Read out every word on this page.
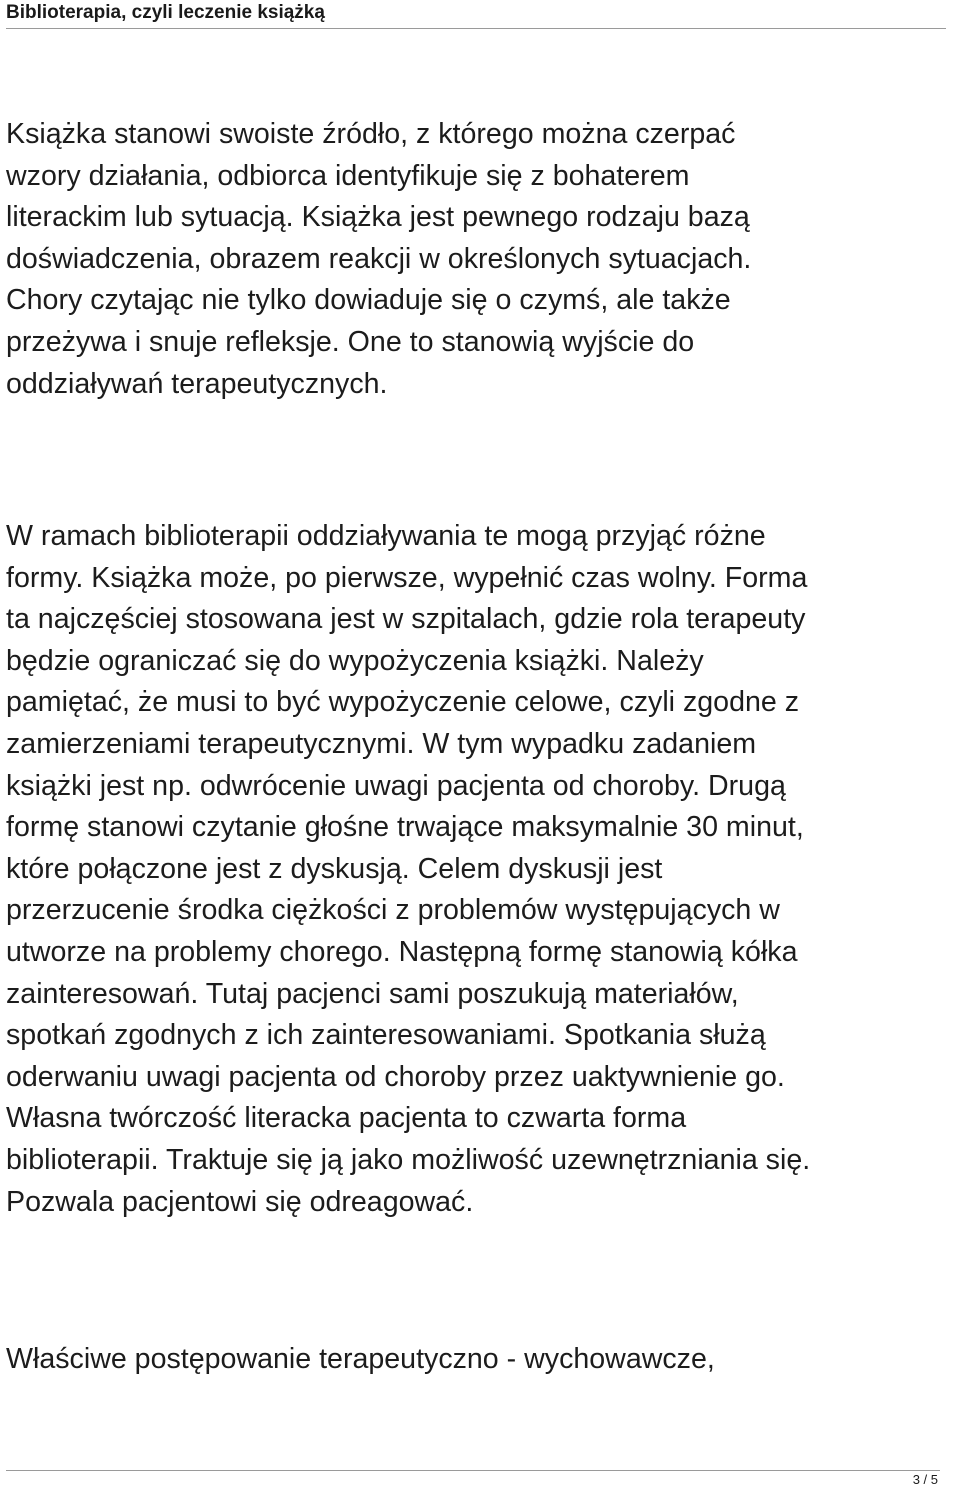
Biblioterapia, czyli leczenie książką

Książka stanowi swoiste źródło, z którego można czerpać
wzory działania, odbiorca identyfikuje się z bohaterem
literackim lub sytuacją. Książka jest pewnego rodzaju bazą
doświadczenia, obrazem reakcji w określonych sytuacjach.
Chory czytając nie tylko dowiaduje się o czymś, ale także
przeżywa i snuje refleksje. One to stanowią wyjście do
oddziaływań terapeutycznych.

W ramach biblioterapii oddziaływania te mogą przyjąć różne
formy. Książka może, po pierwsze, wypełnić czas wolny. Forma
ta najczęściej stosowana jest w szpitalach, gdzie rola terapeuty
będzie ograniczać się do wypożyczenia książki. Należy
pamiętać, że musi to być wypożyczenie celowe, czyli zgodne z
zamierzeniami terapeutycznymi. W tym wypadku zadaniem
książki jest np. odwrócenie uwagi pacjenta od choroby. Drugą
formę stanowi czytanie głośne trwające maksymalnie 30 minut,
które połączone jest z dyskusją. Celem dyskusji jest
przerzucenie środka ciężkości z problemów występujących w
utworze na problemy chorego. Następną formę stanowią kółka
zainteresowań. Tutaj pacjenci sami poszukują materiałów,
spotkań zgodnych z ich zainteresowaniami. Spotkania służą
oderwaniu uwagi pacjenta od choroby przez uaktywnienie go.
Własna twórczość literacka pacjenta to czwarta forma
biblioterapii. Traktuje się ją jako możliwość uzewnętrzniania się.
Pozwala pacjentowi się odreagować.

Właściwe postępowanie terapeutyczno - wychowawcze,

3 / 5
